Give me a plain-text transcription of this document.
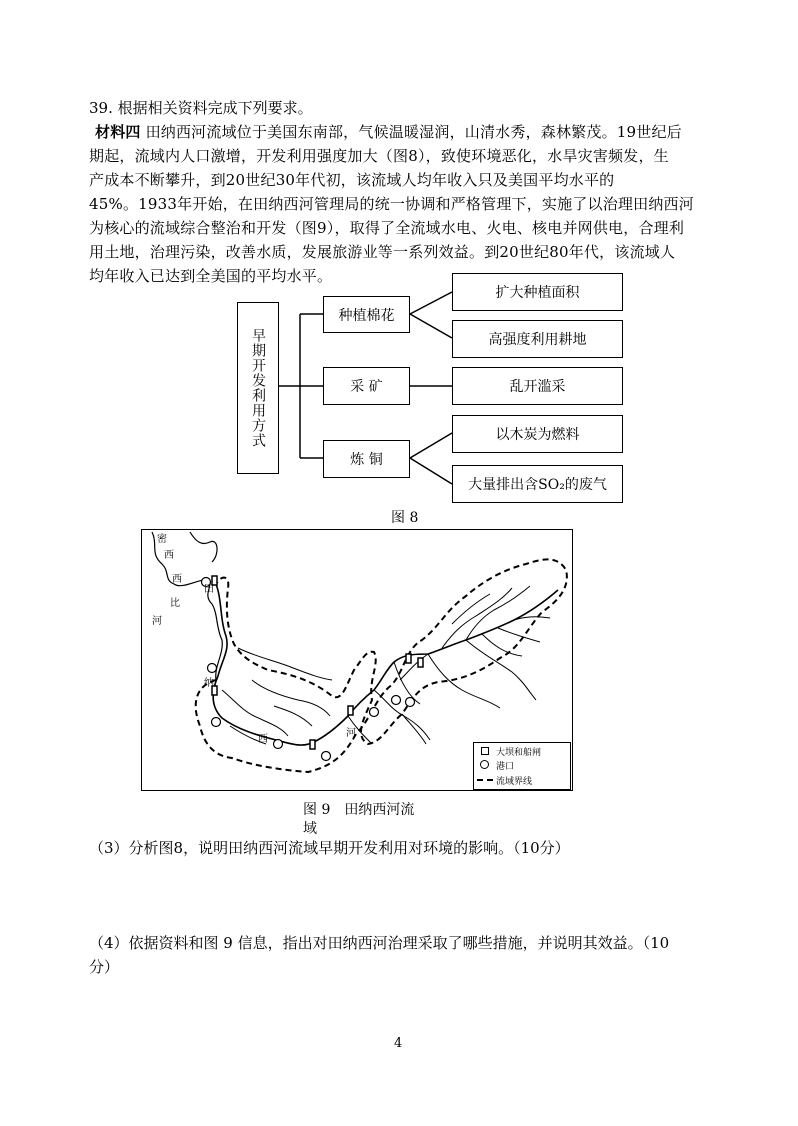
39. 根据相关资料完成下列要求。

材料四 田纳西河流域位于美国东南部，气候温暖湿润，山清水秀，森林繁茂。19世纪后

期起，流域内人口激增，开发利用强度加大（图8），致使环境恶化，水旱灾害频发，生

产成本不断攀升，到20世纪30年代初，该流域人均年收入只及美国平均水平的

45%。1933年开始，在田纳西河管理局的统一协调和严格管理下，实施了以治理田纳西河

为核心的流域综合整治和开发（图9），取得了全流域水电、火电、核电并网供电，合理利

用土地，治理污染，改善水质，发展旅游业等一系列效益。到20世纪80年代，该流域人

均年收入已达到全美国的平均水平。

早期开发利用方式
种植棉花
采 矿
炼 铜
扩大种植面积
高强度利用耕地
乱开滥采
以木炭为燃料
大量排出含SO₂的废气
图 8
密
西
西
比
河
田
纳
西
河
大坝和船闸
港口
流域界线
图 9　田纳西河流
域
（3）分析图8，说明田纳西河流域早期开发利用对环境的影响。（10分）
（4）依据资料和图 9 信息，指出对田纳西河治理采取了哪些措施，并说明其效益。（10
分）
4
